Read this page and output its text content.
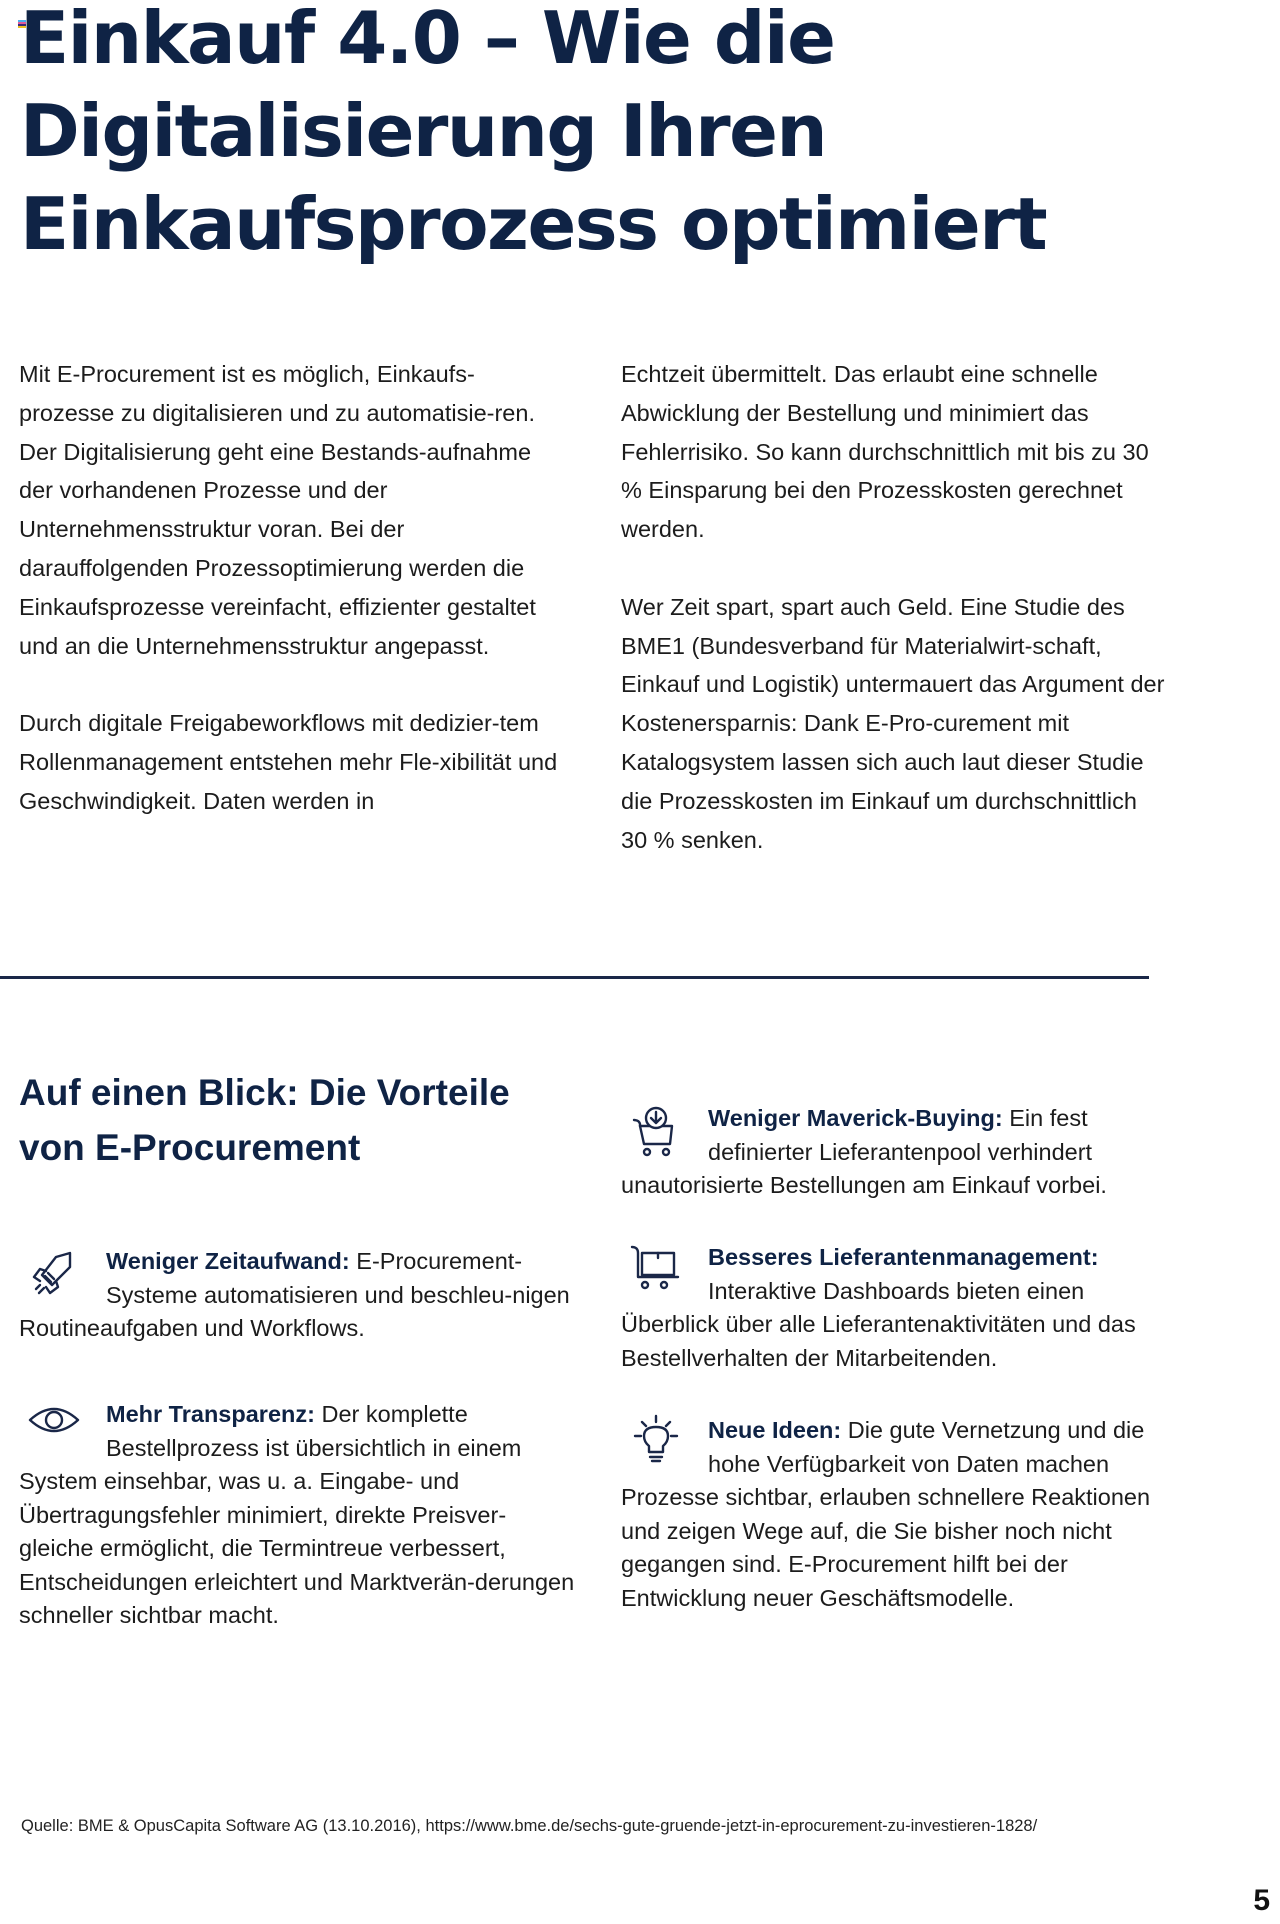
Einkauf 4.0 – Wie die
Digitalisierung Ihren
Einkaufsprozess optimiert

Mit E-Procurement ist es möglich, Einkaufs-prozesse zu digitalisieren und zu automatisie-ren. Der Digitalisierung geht eine Bestands-aufnahme der vorhandenen Prozesse und der Unternehmensstruktur voran. Bei der darauffolgenden Prozessoptimierung werden die Einkaufsprozesse vereinfacht, effizienter gestaltet und an die Unternehmensstruktur angepasst.

Durch digitale Freigabeworkflows mit dedizier-tem Rollenmanagement entstehen mehr Fle-xibilität und Geschwindigkeit. Daten werden in

Echtzeit übermittelt. Das erlaubt eine schnelle Abwicklung der Bestellung und minimiert das Fehlerrisiko. So kann durchschnittlich mit bis zu 30 % Einsparung bei den Prozesskosten gerechnet werden.

Wer Zeit spart, spart auch Geld. Eine Studie des BME1 (Bundesverband für Materialwirt-schaft, Einkauf und Logistik) untermauert das Argument der Kostenersparnis: Dank E-Pro-curement mit Katalogsystem lassen sich auch laut dieser Studie die Prozesskosten im Einkauf um durchschnittlich 30 % senken.

Auf einen Blick: Die Vorteile
von E-Procurement
Weniger Zeitaufwand: E-Procurement-Systeme automatisieren und beschleu-nigen Routineaufgaben und Workflows.
Mehr Transparenz: Der komplette Bestellprozess ist übersichtlich in einem System einsehbar, was u. a. Eingabe- und Übertragungsfehler minimiert, direkte Preisver-gleiche ermöglicht, die Termintreue verbessert, Entscheidungen erleichtert und Marktverän-derungen schneller sichtbar macht.
Weniger Maverick-Buying: Ein fest definierter Lieferantenpool verhindert unautorisierte Bestellungen am Einkauf vorbei.
Besseres Lieferantenmanagement: Interaktive Dashboards bieten einen Überblick über alle Lieferantenaktivitäten und das Bestellverhalten der Mitarbeitenden.
Neue Ideen: Die gute Vernetzung und die hohe Verfügbarkeit von Daten machen Prozesse sichtbar, erlauben schnellere Reaktionen und zeigen Wege auf, die Sie bisher noch nicht gegangen sind. E-Procurement hilft bei der Entwicklung neuer Geschäftsmodelle.
Quelle: BME & OpusCapita Software AG (13.10.2016), https://www.bme.de/sechs-gute-gruende-jetzt-in-eprocurement-zu-investieren-1828/
5
